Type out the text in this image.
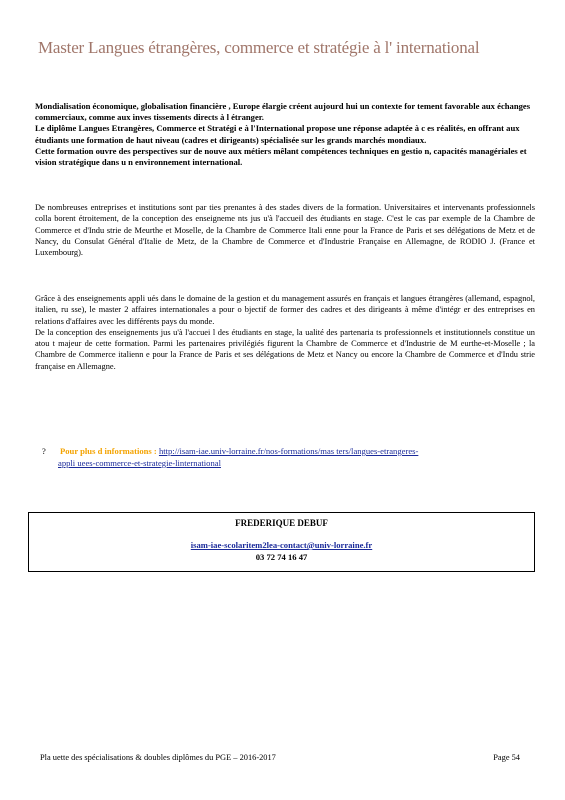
Master Langues étrangères, commerce et stratégie à l' international

Mondialisation économique, globalisation financière , Europe élargie créent aujourd hui un contexte for tement favorable aux échanges commerciaux, comme aux inves tissements directs à l étranger.

Le diplôme Langues Etrangères, Commerce et Stratégi e à l'International propose une réponse adaptée à c es réalités, en offrant aux étudiants une formation de haut niveau (cadres et dirigeants) spécialisée sur les grands marchés mondiaux.

Cette formation ouvre des perspectives sur de nouve aux métiers mêlant compétences techniques en gestio n, capacités managériales et vision stratégique dans u n environnement international.

De nombreuses entreprises et institutions sont par ties prenantes à des stades divers de la formation. Universitaires et intervenants professionnels colla borent étroitement, de la conception des enseigneme nts jus u'à l'accueil des étudiants en stage. C'est le cas par exemple de la Chambre de Commerce et d'Indu strie de Meurthe et Moselle, de la Chambre de Commerce Itali enne pour la France de Paris et ses délégations de Metz et de Nancy, du Consulat Général d'Italie de Metz, de la Chambre de Commerce et d'Industrie Française en Allemagne, de RODIO J. (France et Luxembourg).

Grâce à des enseignements appli ués dans le domaine de la gestion et du management assurés en français et langues étrangères (allemand, espagnol, italien, ru sse), le master 2 affaires internationales a pour o bjectif de former des cadres et des dirigeants à même d'intégr er des entreprises en relations d'affaires avec les différents pays du monde.

De la conception des enseignements jus u'à l'accuei l des étudiants en stage, la ualité des partenaria ts professionnels et institutionnels constitue un atou t majeur de cette formation. Parmi les partenaires privilégiés figurent la Chambre de Commerce et d'Industrie de M eurthe-et-Moselle ; la Chambre de Commerce italienn e pour la France de Paris et ses délégations de Metz et Nancy ou encore la Chambre de Commerce et d'Indu strie française en Allemagne.

? Pour plus d informations : http://isam-iae.univ-lorraine.fr/nos-formations/mas ters/langues-etrangeres-
appli uees-commerce-et-strategie-linternational
FREDERIQUE DEBUF
isam-iae-scolaritem2lea-contact@univ-lorraine.fr
03 72 74 16 47
Pla uette des spécialisations & doubles diplômes du PGE – 2016-2017	Page 54
